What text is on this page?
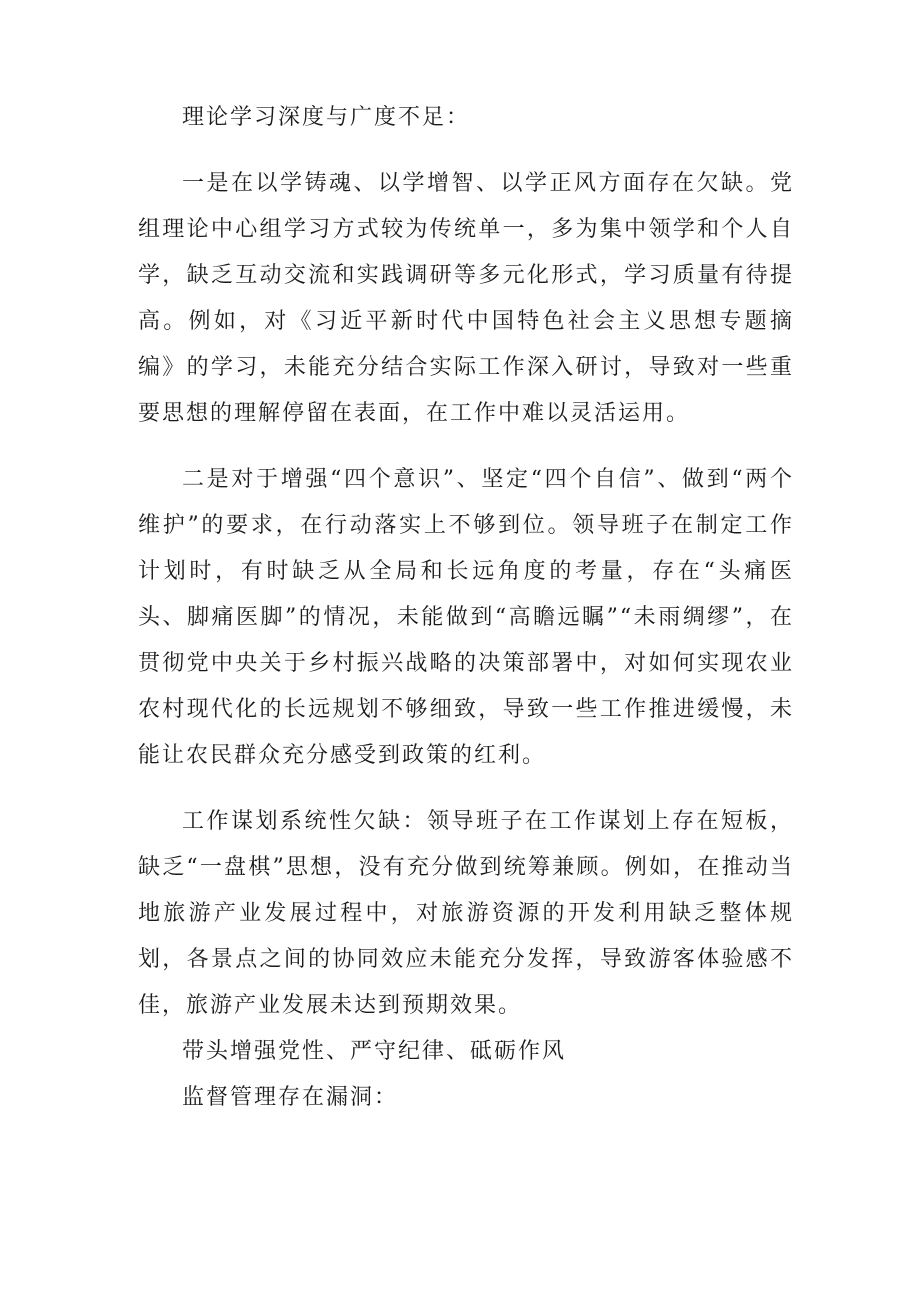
理论学习深度与广度不足：

一是在以学铸魂、以学增智、以学正风方面存在欠缺。党组理论中心组学习方式较为传统单一，多为集中领学和个人自学，缺乏互动交流和实践调研等多元化形式，学习质量有待提高。例如，对《习近平新时代中国特色社会主义思想专题摘编》的学习，未能充分结合实际工作深入研讨，导致对一些重要思想的理解停留在表面，在工作中难以灵活运用。

二是对于增强“四个意识”、坚定“四个自信”、做到“两个维护”的要求，在行动落实上不够到位。领导班子在制定工作计划时，有时缺乏从全局和长远角度的考量，存在“头痛医头、脚痛医脚”的情况，未能做到“高瞻远瞩”“未雨绸缪”，在贯彻党中央关于乡村振兴战略的决策部署中，对如何实现农业农村现代化的长远规划不够细致，导致一些工作推进缓慢，未能让农民群众充分感受到政策的红利。

工作谋划系统性欠缺：领导班子在工作谋划上存在短板，缺乏“一盘棋”思想，没有充分做到统筹兼顾。例如，在推动当地旅游产业发展过程中，对旅游资源的开发利用缺乏整体规划，各景点之间的协同效应未能充分发挥，导致游客体验感不佳，旅游产业发展未达到预期效果。

带头增强党性、严守纪律、砥砺作风

监督管理存在漏洞：
